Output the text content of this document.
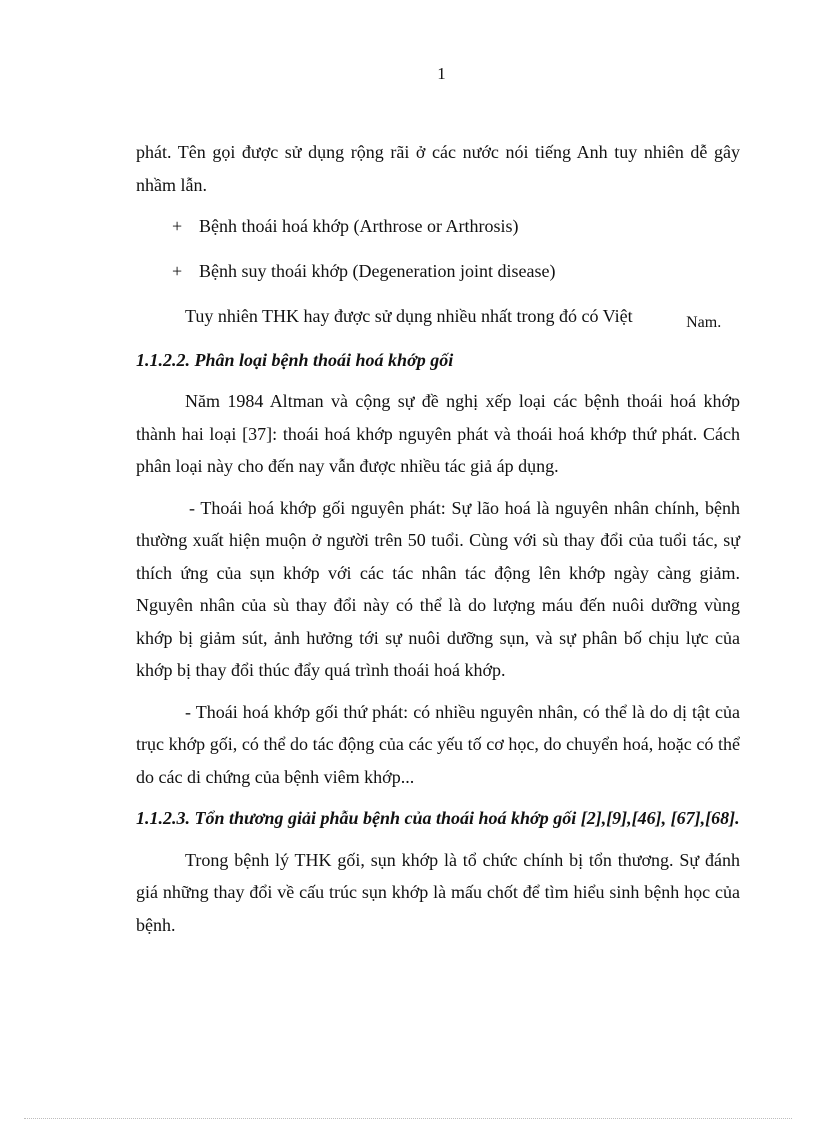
1

phát. Tên gọi được sử dụng rộng rãi ở các nước nói tiếng Anh tuy nhiên dễ gây nhầm lẫn.

+ Bệnh thoái hoá khớp (Arthrose or Arthrosis)
+ Bệnh suy thoái khớp (Degeneration joint disease)

Tuy nhiên THK hay được sử dụng nhiều nhất trong đó có Việt	Nam.

1.1.2.2. Phân loại bệnh thoái hoá khớp gối

Năm 1984 Altman và cộng sự đề nghị xếp loại các bệnh thoái hoá khớp thành hai loại [37]: thoái hoá khớp nguyên phát và thoái hoá khớp thứ phát. Cách phân loại này cho đến nay vẫn được nhiều tác giả áp dụng.

- Thoái hoá khớp gối nguyên phát: Sự lão hoá là nguyên nhân chính, bệnh thường xuất hiện muộn ở người trên 50 tuổi. Cùng với sù thay đổi của tuổi tác, sự thích ứng của sụn khớp với các tác nhân tác động lên khớp ngày càng giảm. Nguyên nhân của sù thay đổi này có thể là do lượng máu đến nuôi dưỡng vùng khớp bị giảm sút, ảnh hưởng tới sự nuôi dưỡng sụn, và sự phân bố chịu lực của khớp bị thay đổi thúc đẩy quá trình thoái hoá khớp.

- Thoái hoá khớp gối thứ phát: có nhiều nguyên nhân, có thể là do dị tật của trục khớp gối, có thể do tác động của các yếu tố cơ học, do chuyển hoá, hoặc có thể do các di chứng của bệnh viêm khớp...

1.1.2.3. Tổn thương giải phẫu bệnh của thoái hoá khớp gối [2],[9],[46], [67],[68].

Trong bệnh lý THK gối, sụn khớp là tổ chức chính bị tổn thương. Sự đánh giá những thay đổi về cấu trúc sụn khớp là mấu chốt để tìm hiểu sinh bệnh học của bệnh.
